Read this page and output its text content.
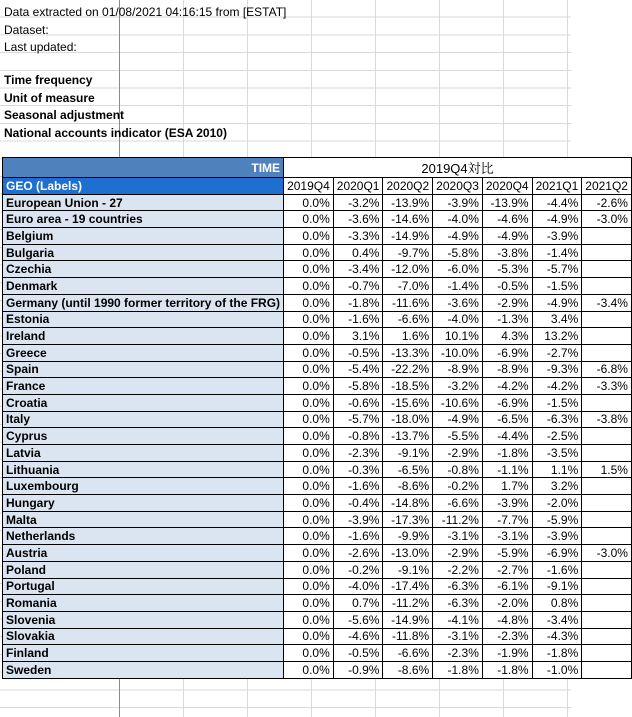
Data extracted on 01/08/2021 04:16:15 from [ESTAT]
Dataset:
Last updated:
Time frequency
Unit of measure
Seasonal adjustment
National accounts indicator (ESA 2010)
TIME	2019Q4対比						
GEO (Labels)	2019Q4	2020Q1	2020Q2	2020Q3	2020Q4	2021Q1	2021Q2
European Union - 27	0.0%	-3.2%	-13.9%	-3.9%	-13.9%	-4.4%	-2.6%
Euro area - 19 countries	0.0%	-3.6%	-14.6%	-4.0%	-4.6%	-4.9%	-3.0%
Belgium	0.0%	-3.3%	-14.9%	-4.9%	-4.9%	-3.9%	
Bulgaria	0.0%	0.4%	-9.7%	-5.8%	-3.8%	-1.4%	
Czechia	0.0%	-3.4%	-12.0%	-6.0%	-5.3%	-5.7%	
Denmark	0.0%	-0.7%	-7.0%	-1.4%	-0.5%	-1.5%	
Germany (until 1990 former territory of the FRG)	0.0%	-1.8%	-11.6%	-3.6%	-2.9%	-4.9%	-3.4%
Estonia	0.0%	-1.6%	-6.6%	-4.0%	-1.3%	3.4%	
Ireland	0.0%	3.1%	1.6%	10.1%	4.3%	13.2%	
Greece	0.0%	-0.5%	-13.3%	-10.0%	-6.9%	-2.7%	
Spain	0.0%	-5.4%	-22.2%	-8.9%	-8.9%	-9.3%	-6.8%
France	0.0%	-5.8%	-18.5%	-3.2%	-4.2%	-4.2%	-3.3%
Croatia	0.0%	-0.6%	-15.6%	-10.6%	-6.9%	-1.5%	
Italy	0.0%	-5.7%	-18.0%	-4.9%	-6.5%	-6.3%	-3.8%
Cyprus	0.0%	-0.8%	-13.7%	-5.5%	-4.4%	-2.5%	
Latvia	0.0%	-2.3%	-9.1%	-2.9%	-1.8%	-3.5%	
Lithuania	0.0%	-0.3%	-6.5%	-0.8%	-1.1%	1.1%	1.5%
Luxembourg	0.0%	-1.6%	-8.6%	-0.2%	1.7%	3.2%	
Hungary	0.0%	-0.4%	-14.8%	-6.6%	-3.9%	-2.0%	
Malta	0.0%	-3.9%	-17.3%	-11.2%	-7.7%	-5.9%	
Netherlands	0.0%	-1.6%	-9.9%	-3.1%	-3.1%	-3.9%	
Austria	0.0%	-2.6%	-13.0%	-2.9%	-5.9%	-6.9%	-3.0%
Poland	0.0%	-0.2%	-9.1%	-2.2%	-2.7%	-1.6%	
Portugal	0.0%	-4.0%	-17.4%	-6.3%	-6.1%	-9.1%	
Romania	0.0%	0.7%	-11.2%	-6.3%	-2.0%	0.8%	
Slovenia	0.0%	-5.6%	-14.9%	-4.1%	-4.8%	-3.4%	
Slovakia	0.0%	-4.6%	-11.8%	-3.1%	-2.3%	-4.3%	
Finland	0.0%	-0.5%	-6.6%	-2.3%	-1.9%	-1.8%	
Sweden	0.0%	-0.9%	-8.6%	-1.8%	-1.8%	-1.0%	
